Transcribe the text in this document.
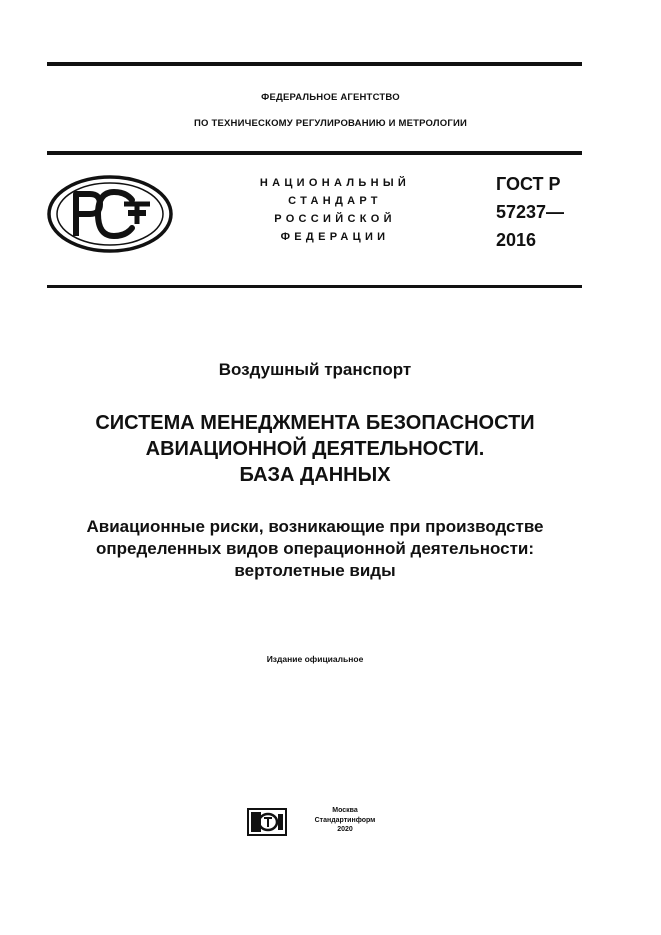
ФЕДЕРАЛЬНОЕ АГЕНТСТВО
ПО ТЕХНИЧЕСКОМУ РЕГУЛИРОВАНИЮ И МЕТРОЛОГИИ
НАЦИОНАЛЬНЫЙ
СТАНДАРТ
РОССИЙСКОЙ
ФЕДЕРАЦИИ
ГОСТ Р
57237—
2016
Воздушный транспорт
СИСТЕМА МЕНЕДЖМЕНТА БЕЗОПАСНОСТИ
АВИАЦИОННОЙ ДЕЯТЕЛЬНОСТИ.
БАЗА ДАННЫХ
Авиационные риски, возникающие при производстве
определенных видов операционной деятельности:
вертолетные виды
Издание официальное
Москва
Стандартинформ
2020
